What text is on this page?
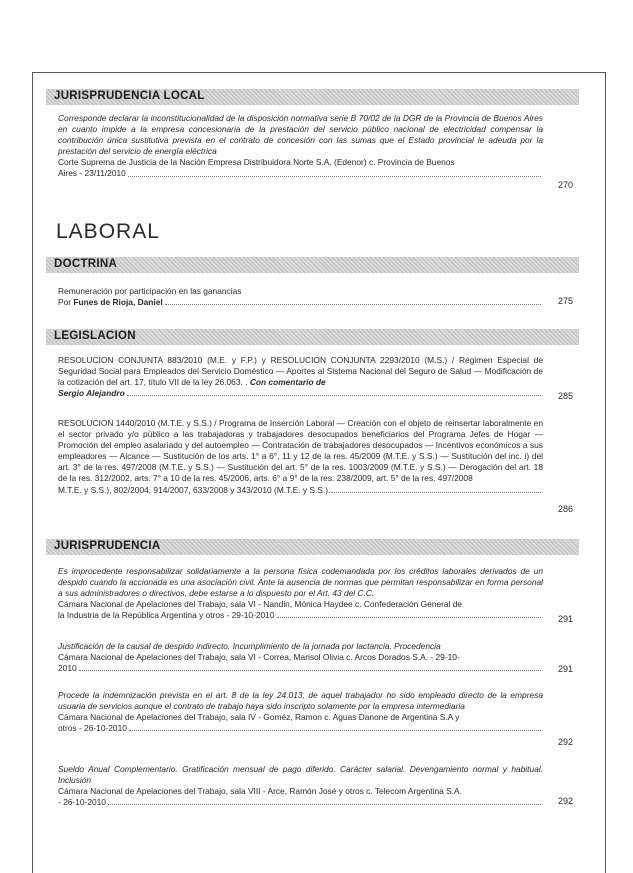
JURISPRUDENCIA LOCAL
Corresponde declarar la inconstitucionalidad de la disposición normativa serie B 70/02 de la DGR de la Provincia de Buenos Aires en cuanto impide a la empresa concesionaria de la prestación del servicio público nacional de electricidad compensar la contribución única sustitutiva prevista en el contrato de concesión con las sumas que el Estado provincial le adeuda por la prestación del servicio de energía eléctrica
Corte Suprema de Justicia de la Nación Empresa Distribuidora Norte S.A. (Edenor) c. Provincia de Buenos
Aires - 23/11/2010
270
LABORAL
DOCTRINA
Remuneración por participación en las ganancias
Por Funes de Rioja, Daniel	275
LEGISLACION
RESOLUCION CONJUNTA 883/2010 (M.E. y F.P.) y RESOLUCION CONJUNTA 2293/2010 (M.S.) / Régimen Especial de Seguridad Social para Empleados del Servicio Doméstico — Aportes al Sistema Nacional del Seguro de Salud — Modificación de la cotización del art. 17, título VII de la ley 26.063. . Con comentario de
Sergio Alejandro	285
RESOLUCION 1440/2010 (M.T.E. y S.S.) / Programa de Inserción Laboral — Creación con el objeto de reinsertar laboralmente en el sector privado y/o público a las trabajadoras y trabajadores desocupados beneficiarios del Programa Jefes de Hogar — Promoción del empleo asalariado y del autoempleo — Contratación de trabajadores desocupados — Incentivos económicos a sus empleadores — Alcance — Sustitución de los arts. 1° a 6°, 11 y 12 de la res. 45/2009 (M.T.E. y S.S.) — Sustitución del inc. i) del art. 3° de la res. 497/2008 (M.T.E. y S.S.) — Sustitución del art. 5° de la res. 1003/2009 (M.T.E. y S.S.) — Derogación del art. 18 de la res. 312/2002, arts. 7° a 10 de la res. 45/2006, arts. 6° a 9° de la res. 238/2009, art. 5° de la res. 497/2008
M.T.E. y S.S.), 802/2004, 914/2007, 633/2008 y 343/2010 (M.T.E. y S.S.).
286
JURISPRUDENCIA
Es improcedente responsabilizar solidariamente a la persona física codemandada por los créditos laborales derivados de un despido cuando la accionada es una asociación civil. Ante la ausencia de normas que permitan responsabilizar en forma personal a sus administradores o directivos, debe estarse a lo dispuesto por el Art. 43 del C.C.
Cámara Nacional de Apelaciones del Trabajo, sala VI - Nandin, Mónica Haydee c. Confederación General de
la Industria de la República Argentina y otros - 29-10-2010	291
Justificación de la causal de despido indirecto. Incumplimiento de la jornada por lactancia. Procedencia
Cámara Nacional de Apelaciones del Trabajo, sala VI - Correa, Marisol Olivia c. Arcos Dorados S.A. - 29-10-
2010	291
Procede la indemnización prevista en el art. 8 de la ley 24.013, de aquel trabajador ho sido empleado directo de la empresa usuaria de servicios aunque el contrato de trabajo haya sido inscripto solamente por la empresa intermediaria
Cámara Nacional de Apelaciones del Trabajo, sala IV - Goméz, Ramon c. Aguas Danone de Argentina S.A y
otros - 26-10-2010
292
Sueldo Anual Complementario. Gratificación mensual de pago diferido. Carácter salarial. Devengamiento normal y habitual. Inclusión
Cámara Nacional de Apelaciones del Trabajo, sala VIII - Arce, Ramón José y otros c. Telecom Argentina S.A.
- 26-10-2010	292
